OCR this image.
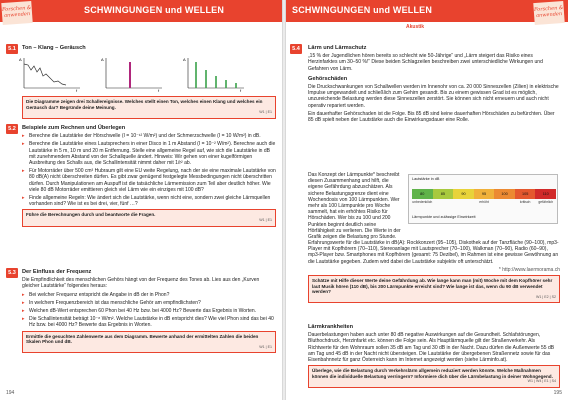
SCHWINGUNGEN und WELLEN
Forschen & anwenden
5.1	Ton – Klang – Geräusch
A
f
A
f
A
f
Die Diagramme zeigen drei Schallereignisse. Welches stellt einen Ton, welches einen Klang und welches ein Geräusch dar? Begründe deine Meinung.
W1 | E1
5.2	Beispiele zum Rechnen und Überlegen
▸ Berechne die Lautstärke der Hörschwelle (I = 10⁻¹² W/m²) und der Schmerzschwelle (I = 10 W/m²) in dB.
▸ Berechne die Lautstärke eines Lautsprechers in einer Disco in 1 m Abstand (I = 10⁻² W/m²). Berechne auch die Lautstärke in 5 m, 10 m und 20 m Entfernung. Stelle eine allgemeine Regel auf, wie sich die Lautstärke in dB mit zunehmendem Abstand von der Schallquelle ändert. Hinweis: Wir gehen von einer kugelförmigen Ausbreitung des Schalls aus, die Schallintensität nimmt daher mit 1/r² ab.
▸ Für Motorräder über 500 cm³ Hubraum gilt eine EU weite Regelung, nach der sie eine maximale Lautstärke von 80 dB(A) nicht überschreiten dürfen. Es gibt zwar genügend festgelegte Messbedingungen nicht überschritten dürfen. Durch Manipulationen am Auspuff ist die tatsächliche Lärmemission zum Teil aber deutlich höher. Wie viele 80 dB Motorräder emittieren gleich viel Lärm wie ein einziges mit 100 dB?
▸ Finde allgemeine Regeln: Wie ändert sich die Lautstärke, wenn nicht eine, sondern zwei gleiche Lärmquellen vorhanden sind? Wie ist es bei drei, vier, fünf …?
Führe die Berechnungen durch und beantworte die Fragen.
W1 | E1
5.3	Der Einfluss der Frequenz
Die Empfindlichkeit des menschlichen Gehörs hängt von der Frequenz des Tones ab. Lies aus den „Kurven gleicher Lautstärke“ folgendes heraus:
▸ Bei welcher Frequenz entspricht die Angabe in dB der in Phon?
▸ In welchem Frequenzbereich ist das menschliche Gehör am empfindlichsten?
▸ Welchen dB-Wert entsprechen 60 Phon bei 40 Hz bzw. bei 4000 Hz? Bewerte das Ergebnis in Worten.
▸ Die Schallintensität beträgt 10⁻⁸ W/m². Welche Lautstärke in dB entspricht dies? Wie viel Phon sind das bei 40 Hz bzw. bei 4000 Hz? Bewerte das Ergebnis in Worten.
Ermittle die gesuchten Zahlenwerte aus dem Diagramm. Bewerte anhand der ermittelten Zahlen die beiden Skalen Phon und dB.
W1 | E1
194
SCHWINGUNGEN und WELLEN	Forschen & anwenden
Akustik
5.4	Lärm und Lärmschutz
„15 % der Jugendlichen hören bereits so schlecht wie 50-Jährige“ und „Lärm steigert das Risiko eines Herzinfarktes um 30–50 %!“ Diese beiden Schlagzeilen beschreiben zwei unterschiedliche Wirkungen und Gefahren von Lärm.
Gehörschäden
Die Druckschwankungen von Schallwellen werden im Innenohr von ca. 20 000 Sinneszellen (Zilien) in elektrische Impulse umgewandelt und schließlich zum Gehirn gesandt. Bis zu einem gewissen Grad ist es möglich, unzureichende Belastung werden diese Sinneszellen zerstört. Sie können sich nicht erneuern und auch nicht operativ repariert werden.
Ein dauerhafter Gehörschaden ist die Folge. Bis 85 dB sind keine dauerhaften Hörschäden zu befürchten. Über 85 dB spielt neben der Lautstärke auch die Einwirkungsdauer eine Rolle.
Das Konzept der Lärmpunkte* beschreibt diesen Zusammenhang und hilft, die eigene Gefährdung abzuschätzen. Als sichere Belastungsgrenze dient eine Wochendosis von 100 Lärmpunkten. Wer mehr als 100 Lärmpunkte pro Woche sammelt, hat ein erhöhtes Risiko für Hörschäden. Wer bis zu 100 und 200 Punkten beginnt deutlich seine Hörfähigkeit zu verlieren. Die Werte in der Grafik zeigen die Belastung pro Stunde.
Lautstärke in dB
80	85	90	95	100	105	110
unbedenklich	erhöht	kritisch	gefährlich
Lärmpunkte und zulässige Einwirkzeit
Erfahrungswerte für die Lautstärke in dB(A): Rockkonzert (95–105), Diskothek auf der Tanzfläche (90–100), mp3-Player mit Kopfhörern (70–110), Stereoanlage mit Lautsprecher (70–100), Walkman (70–90), Radio (60–90), mp3-Player bzw. Smartphones mit Kopfhörern (gesamt: 75 Dezibel), im Rahmen ist eine gewisse Gewöhnung an die Lautstärke gegeben. Zudem wird dabei die Lautstärke subjektiv oft unterschätzt.
* http://www.laermorama.ch
Schätze mit Hilfe dieser Werte deine Gefährdung ab. Wie lange kann man (mit) Woche mit dem Kopfhörer sehr laut Musik hören (110 dB), bis 200 Lärmpunkte erreicht sind? Wie lange ist das, wenn du 90 dB verwendet werden?
W1 | E2 | S2
Lärmkrankheiten
Dauerbelastungen haben auch unter 80 dB negative Auswirkungen auf die Gesundheit. Schlafstörungen, Bluthochdruck, Herzinfarkt etc. können die Folge sein. Als Hauptlärmquelle gilt der Straßenverkehr. Als Richtwerte für den Wohnraum sollen 35 dB am Tag und 30 dB in der Nacht. Dazu dürfen die Außenwerte 55 dB am Tag und 45 dB in der Nacht nicht übersteigen. Die Lautstärke der übergebenen Straßennetz sowie für das Eisenbahnnetz für ganz Österreich kann im Internet angezeigt werden (siehe Lärminfo.at).
Überlege, wie die Belastung durch Verkehrslärm allgemein reduziert werden könnte. Welche Maßnahmen können die individuelle Belastung verringern? Informiere dich über die Lärmbelastung in deiner Wohngegend.
W1 | W4 | E1 | S4
195
